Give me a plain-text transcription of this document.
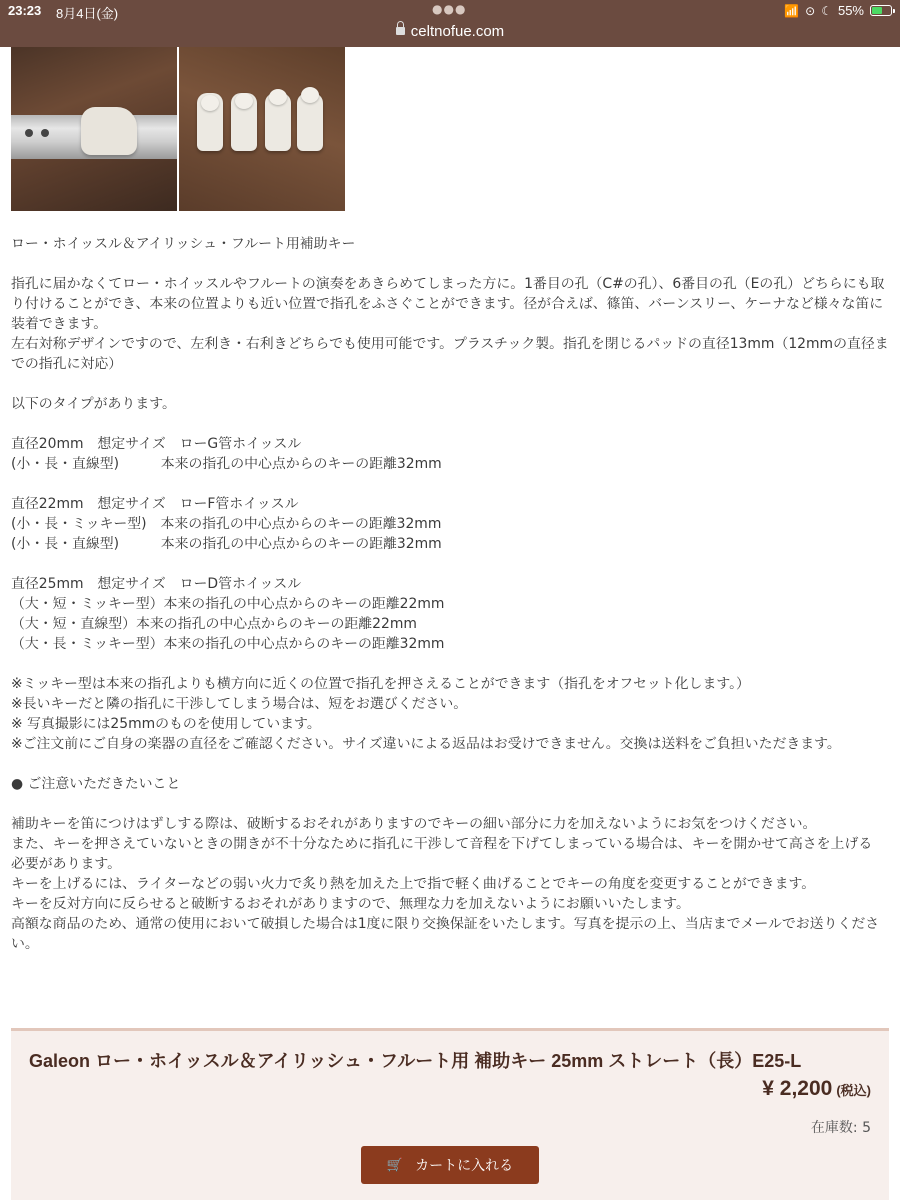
23:23 8月4日(金)	●●●
celtnofue.com
📶 ⊙ ☾ 55%

ロー・ホイッスル＆アイリッシュ・フルート用補助キー

指孔に届かなくてロー・ホイッスルやフルートの演奏をあきらめてしまった方に。1番目の孔（C#の孔）、6番目の孔（Eの孔）どちらにも取り付けることができ、本来の位置よりも近い位置で指孔をふさぐことができます。径が合えば、篠笛、バーンスリー、ケーナなど様々な笛に装着できます。
左右対称デザインですので、左利き・右利きどちらでも使用可能です。プラスチック製。指孔を閉じるパッドの直径13mm（12mmの直径までの指孔に対応）

以下のタイプがあります。

直径20mm　想定サイズ　ローG管ホイッスル
(小・長・直線型)　　　本来の指孔の中心点からのキーの距離32mm

直径22mm　想定サイズ　ローF管ホイッスル
(小・長・ミッキー型)　本来の指孔の中心点からのキーの距離32mm
(小・長・直線型)　　　本来の指孔の中心点からのキーの距離32mm

直径25mm　想定サイズ　ローD管ホイッスル
（大・短・ミッキー型）本来の指孔の中心点からのキーの距離22mm
（大・短・直線型）本来の指孔の中心点からのキーの距離22mm
（大・長・ミッキー型）本来の指孔の中心点からのキーの距離32mm

※ミッキー型は本来の指孔よりも横方向に近くの位置で指孔を押さえることができます（指孔をオフセット化します。）
※長いキーだと隣の指孔に干渉してしまう場合は、短をお選びください。
※ 写真撮影には25mmのものを使用しています。
※ご注文前にご自身の楽器の直径をご確認ください。サイズ違いによる返品はお受けできません。交換は送料をご負担いただきます。

● ご注意いただきたいこと

補助キーを笛につけはずしする際は、破断するおそれがありますのでキーの細い部分に力を加えないようにお気をつけください。
また、キーを押さえていないときの開きが不十分なために指孔に干渉して音程を下げてしまっている場合は、キーを開かせて高さを上げる
必要があります。
キーを上げるには、ライターなどの弱い火力で炙り熱を加えた上で指で軽く曲げることでキーの角度を変更することができます。
キーを反対方向に反らせると破断するおそれがありますので、無理な力を加えないようにお願いいたします。
高額な商品のため、通常の使用において破損した場合は1度に限り交換保証をいたします。写真を提示の上、当店までメールでお送りください。

Galeon ロー・ホイッスル＆アイリッシュ・フルート用 補助キー 25mm ストレート（長）E25-L
¥ 2,200 (税込)
在庫数: 5
🛒 カートに入れる
